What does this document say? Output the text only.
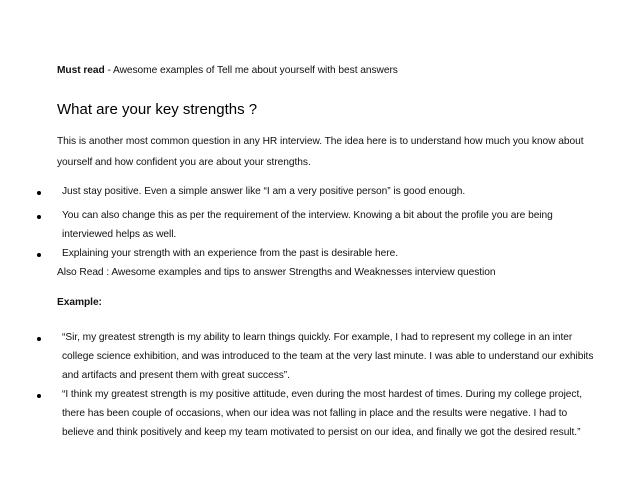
Must read - Awesome examples of Tell me about yourself with best answers
What are your key strengths ?
This is another most common question in any HR interview. The idea here is to understand how much you know about
yourself and how confident you are about your strengths.
Just stay positive. Even a simple answer like “I am a very positive person” is good enough.
You can also change this as per the requirement of the interview. Knowing a bit about the profile you are being
interviewed helps as well.
Explaining your strength with an experience from the past is desirable here.
Also Read : Awesome examples and tips to answer Strengths and Weaknesses interview question
Example:
“Sir, my greatest strength is my ability to learn things quickly. For example, I had to represent my college in an inter
college science exhibition, and was introduced to the team at the very last minute. I was able to understand our exhibits
and artifacts and present them with great success”.
“I think my greatest strength is my positive attitude, even during the most hardest of times. During my college project,
there has been couple of occasions, when our idea was not falling in place and the results were negative. I had to
believe and think positively and keep my team motivated to persist on our idea, and finally we got the desired result.”
